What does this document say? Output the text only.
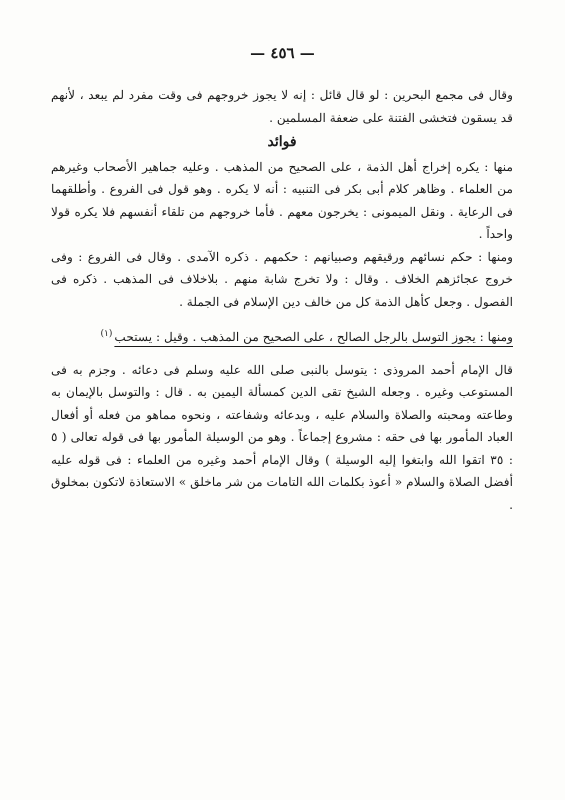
— ٤٥٦ —

وقال فى مجمع البحرين : لو قال قائل : إنه لا يجوز خروجهم فى وقت مفرد لم يبعد ، لأنهم قد يسقون فتخشى الفتنة على ضعفة المسلمين .

فوائد

منها : يكره إخراج أهل الذمة ، على الصحيح من المذهب . وعليه جماهير الأصحاب وغيرهم من العلماء . وظاهر كلام أبى بكر فى التنبيه : أنه لا يكره . وهو قول فى الفروع . وأطلقهما فى الرعاية . ونقل الميمونى : يخرجون معهم . فأما خروجهم من تلقاء أنفسهم فلا يكره قولا واحداً .

ومنها : حكم نسائهم ورقيقهم وصبيانهم : حكمهم . ذكره الآمدى . وقال فى الفروع : وفى خروج عجائزهم الخلاف . وقال : ولا تخرج شابة منهم . بلاخلاف فى المذهب . ذكره فى الفصول . وجعل كأهل الذمة كل من خالف دين الإسلام فى الجملة .

ومنها : يجوز التوسل بالرجل الصالح ، على الصحيح من المذهب . وقيل : يستحب$^{(١)}$

قال الإمام أحمد المروذى : يتوسل بالنبى صلى الله عليه وسلم فى دعائه . وجزم به فى المستوعب وغيره . وجعله الشيخ تقى الدين كمسألة اليمين به . قال : والتوسل بالإيمان به وطاعته ومحبته والصلاة والسلام عليه ، وبدعائه وشفاعته ، ونحوه مماهو من فعله أو أفعال العباد المأمور بها فى حقه : مشروع إجماعاً . وهو من الوسيلة المأمور بها فى قوله تعالى ( ٥ : ٣٥ اتقوا الله وابتغوا إليه الوسيلة ) وقال الإمام أحمد وغيره من العلماء : فى قوله عليه أفضل الصلاة والسلام « أعوذ بكلمات الله التامات من شر ماخلق » الاستعاذة لاتكون بمخلوق .
